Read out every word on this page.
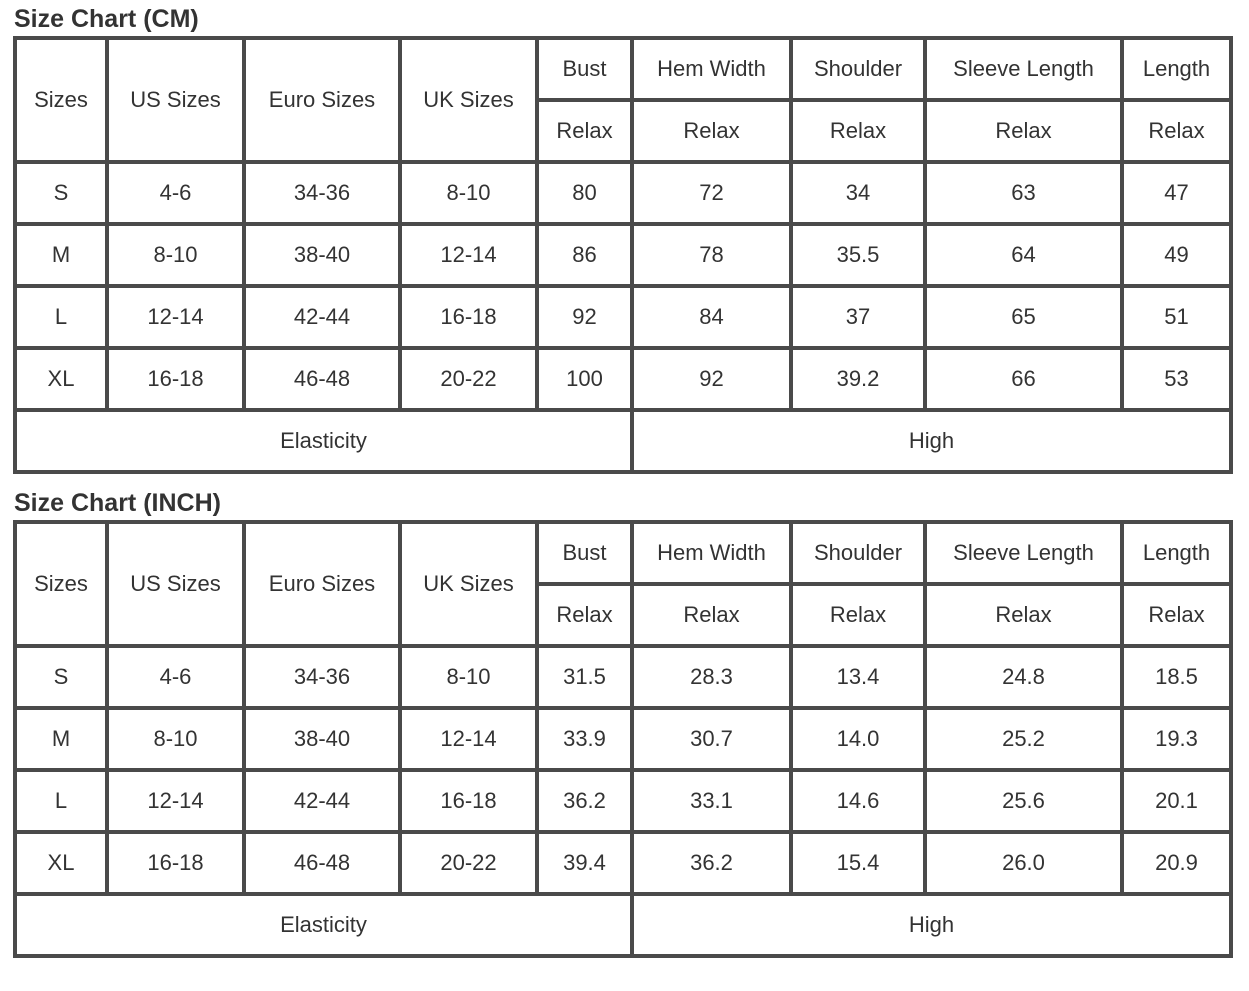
Size Chart (CM)
Sizes	US Sizes	Euro Sizes	UK Sizes	Bust	Hem Width	Shoulder	Sleeve Length	Length
				Relax	Relax	Relax	Relax	Relax
S	4-6	34-36	8-10	80	72	34	63	47
M	8-10	38-40	12-14	86	78	35.5	64	49
L	12-14	42-44	16-18	92	84	37	65	51
XL	16-18	46-48	20-22	100	92	39.2	66	53
Elasticity					High			
Size Chart (INCH)
Sizes	US Sizes	Euro Sizes	UK Sizes	Bust	Hem Width	Shoulder	Sleeve Length	Length
				Relax	Relax	Relax	Relax	Relax
S	4-6	34-36	8-10	31.5	28.3	13.4	24.8	18.5
M	8-10	38-40	12-14	33.9	30.7	14.0	25.2	19.3
L	12-14	42-44	16-18	36.2	33.1	14.6	25.6	20.1
XL	16-18	46-48	20-22	39.4	36.2	15.4	26.0	20.9
Elasticity					High			
